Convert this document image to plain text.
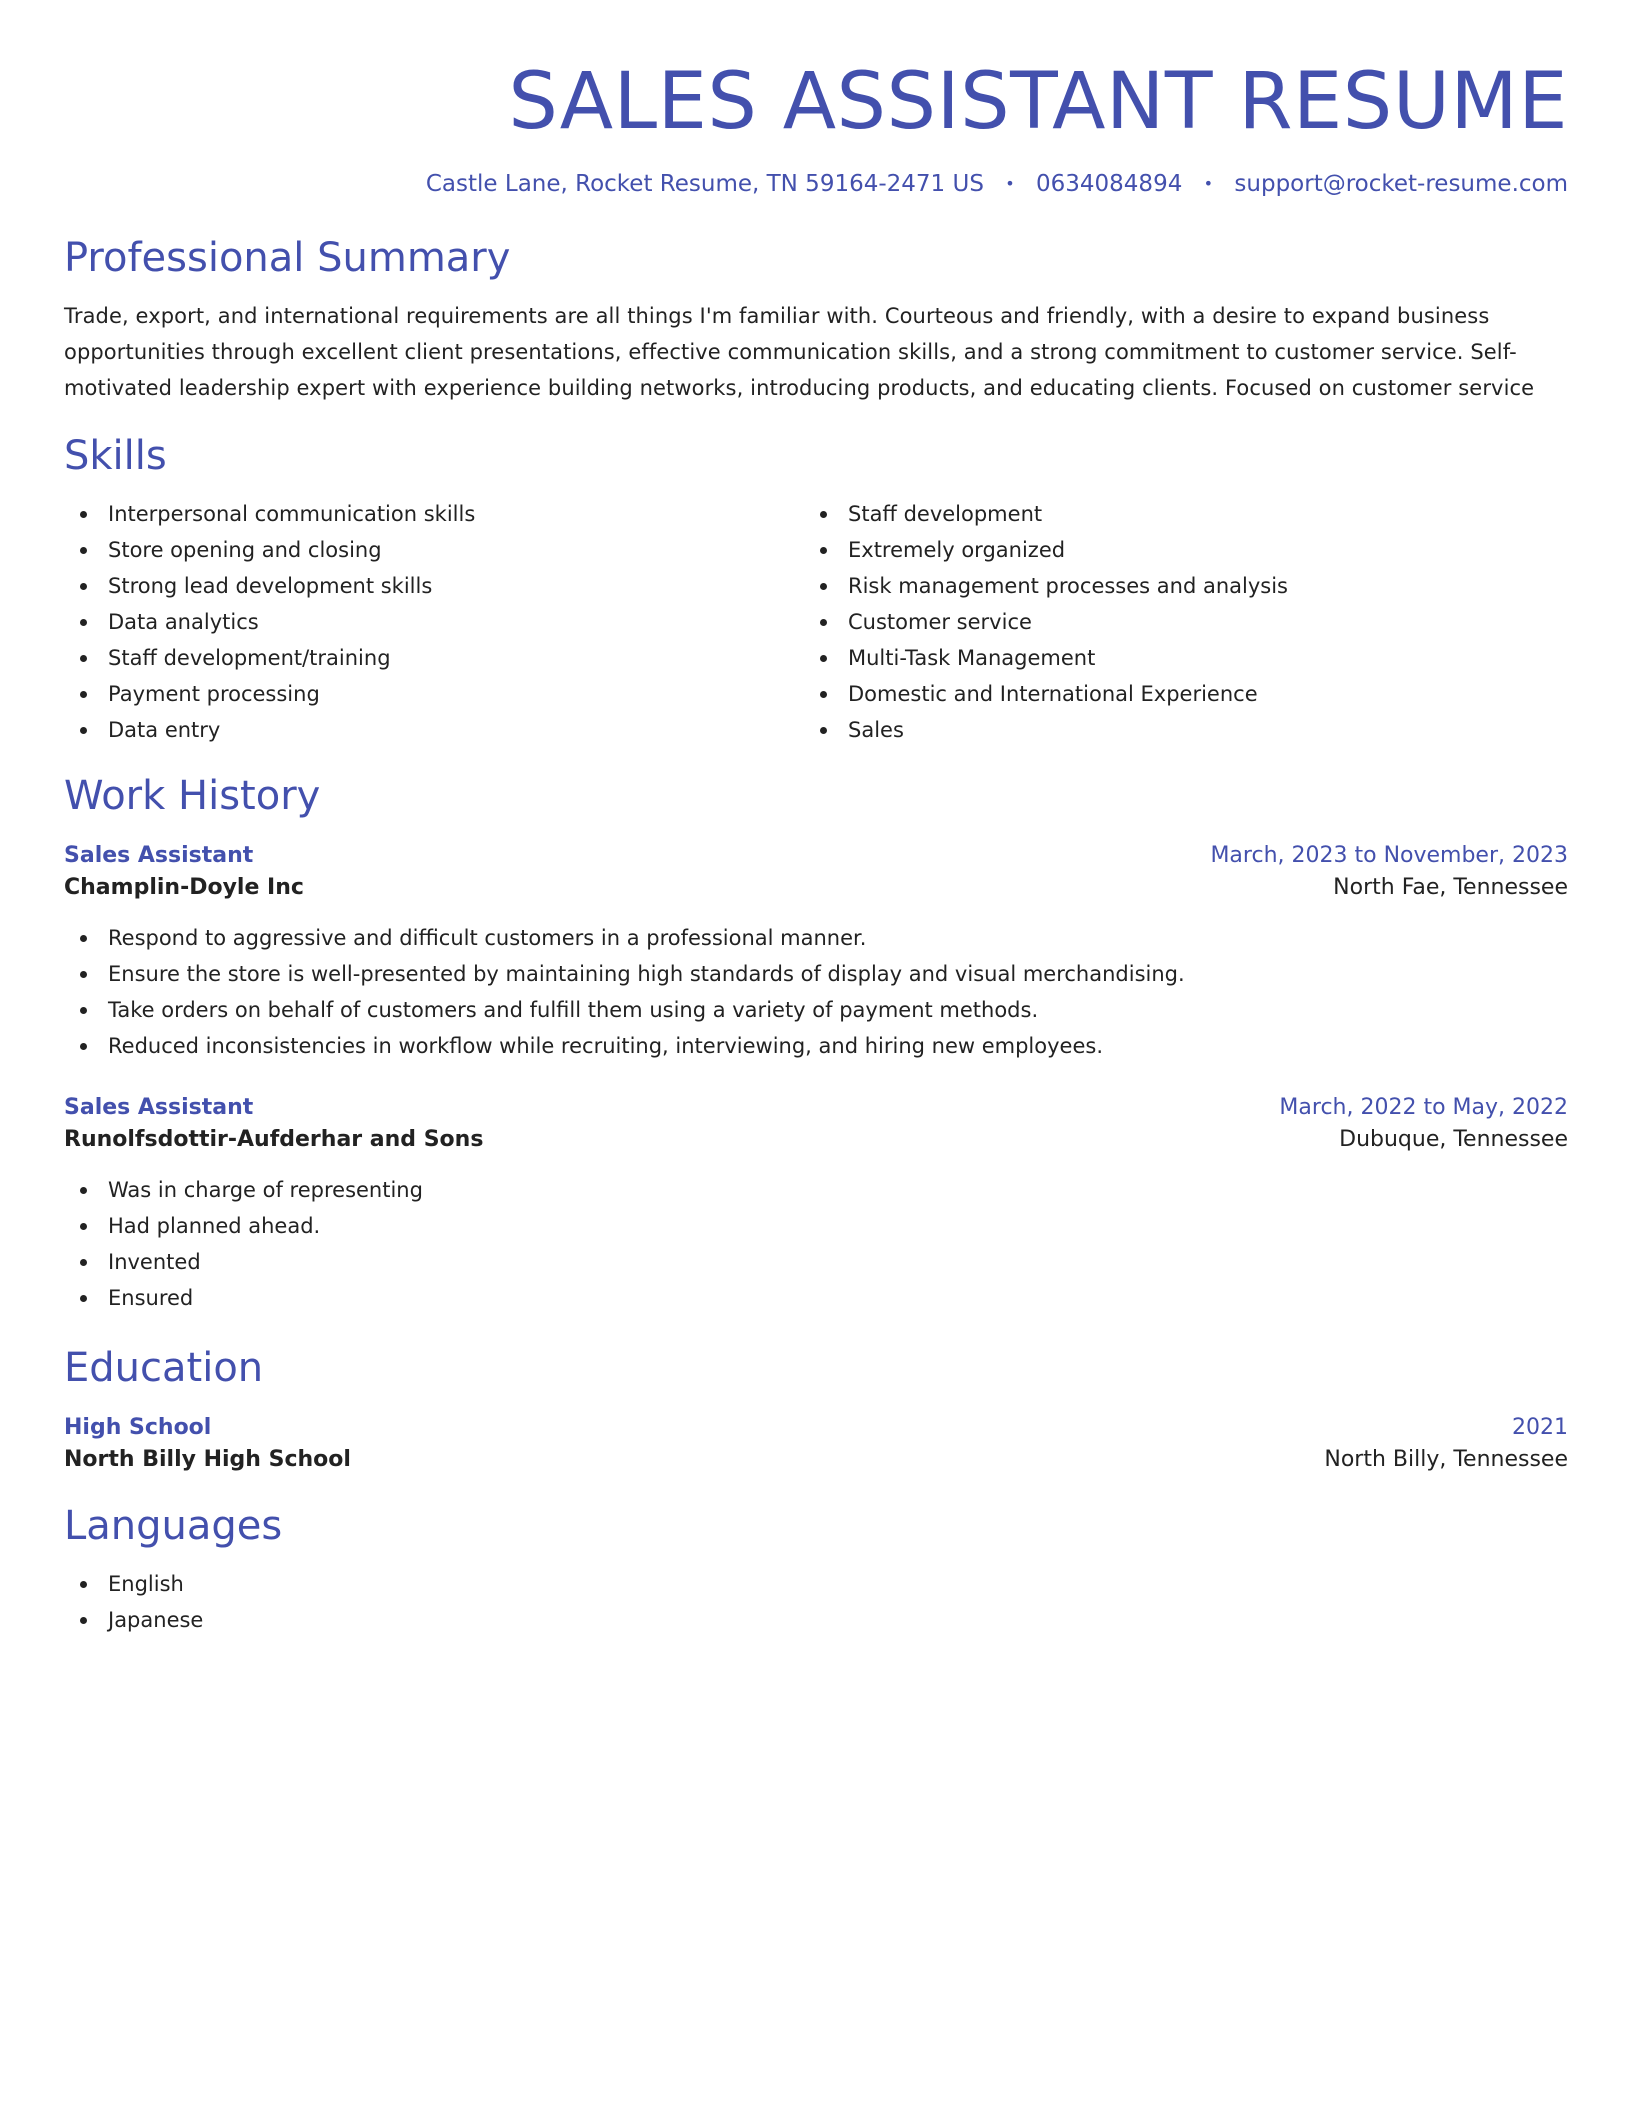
SALES ASSISTANT RESUME
Castle Lane, Rocket Resume, TN 59164-2471 US • 0634084894 • support@rocket-resume.com
Professional Summary

Trade, export, and international requirements are all things I'm familiar with. Courteous and friendly, with a desire to expand business opportunities through excellent client presentations, effective communication skills, and a strong commitment to customer service. Self-motivated leadership expert with experience building networks, introducing products, and educating clients. Focused on customer service

Skills
Interpersonal communication skills
Store opening and closing
Strong lead development skills
Data analytics
Staff development/training
Payment processing
Data entry
Staff development
Extremely organized
Risk management processes and analysis
Customer service
Multi-Task Management
Domestic and International Experience
Sales
Work History
Sales Assistant	March, 2023 to November, 2023
Champlin-Doyle Inc	North Fae, Tennessee
Respond to aggressive and difficult customers in a professional manner.
Ensure the store is well-presented by maintaining high standards of display and visual merchandising.
Take orders on behalf of customers and fulfill them using a variety of payment methods.
Reduced inconsistencies in workflow while recruiting, interviewing, and hiring new employees.
Sales Assistant	March, 2022 to May, 2022
Runolfsdottir-Aufderhar and Sons	Dubuque, Tennessee
Was in charge of representing
Had planned ahead.
Invented
Ensured
Education
High School	2021
North Billy High School	North Billy, Tennessee
Languages
English
Japanese
